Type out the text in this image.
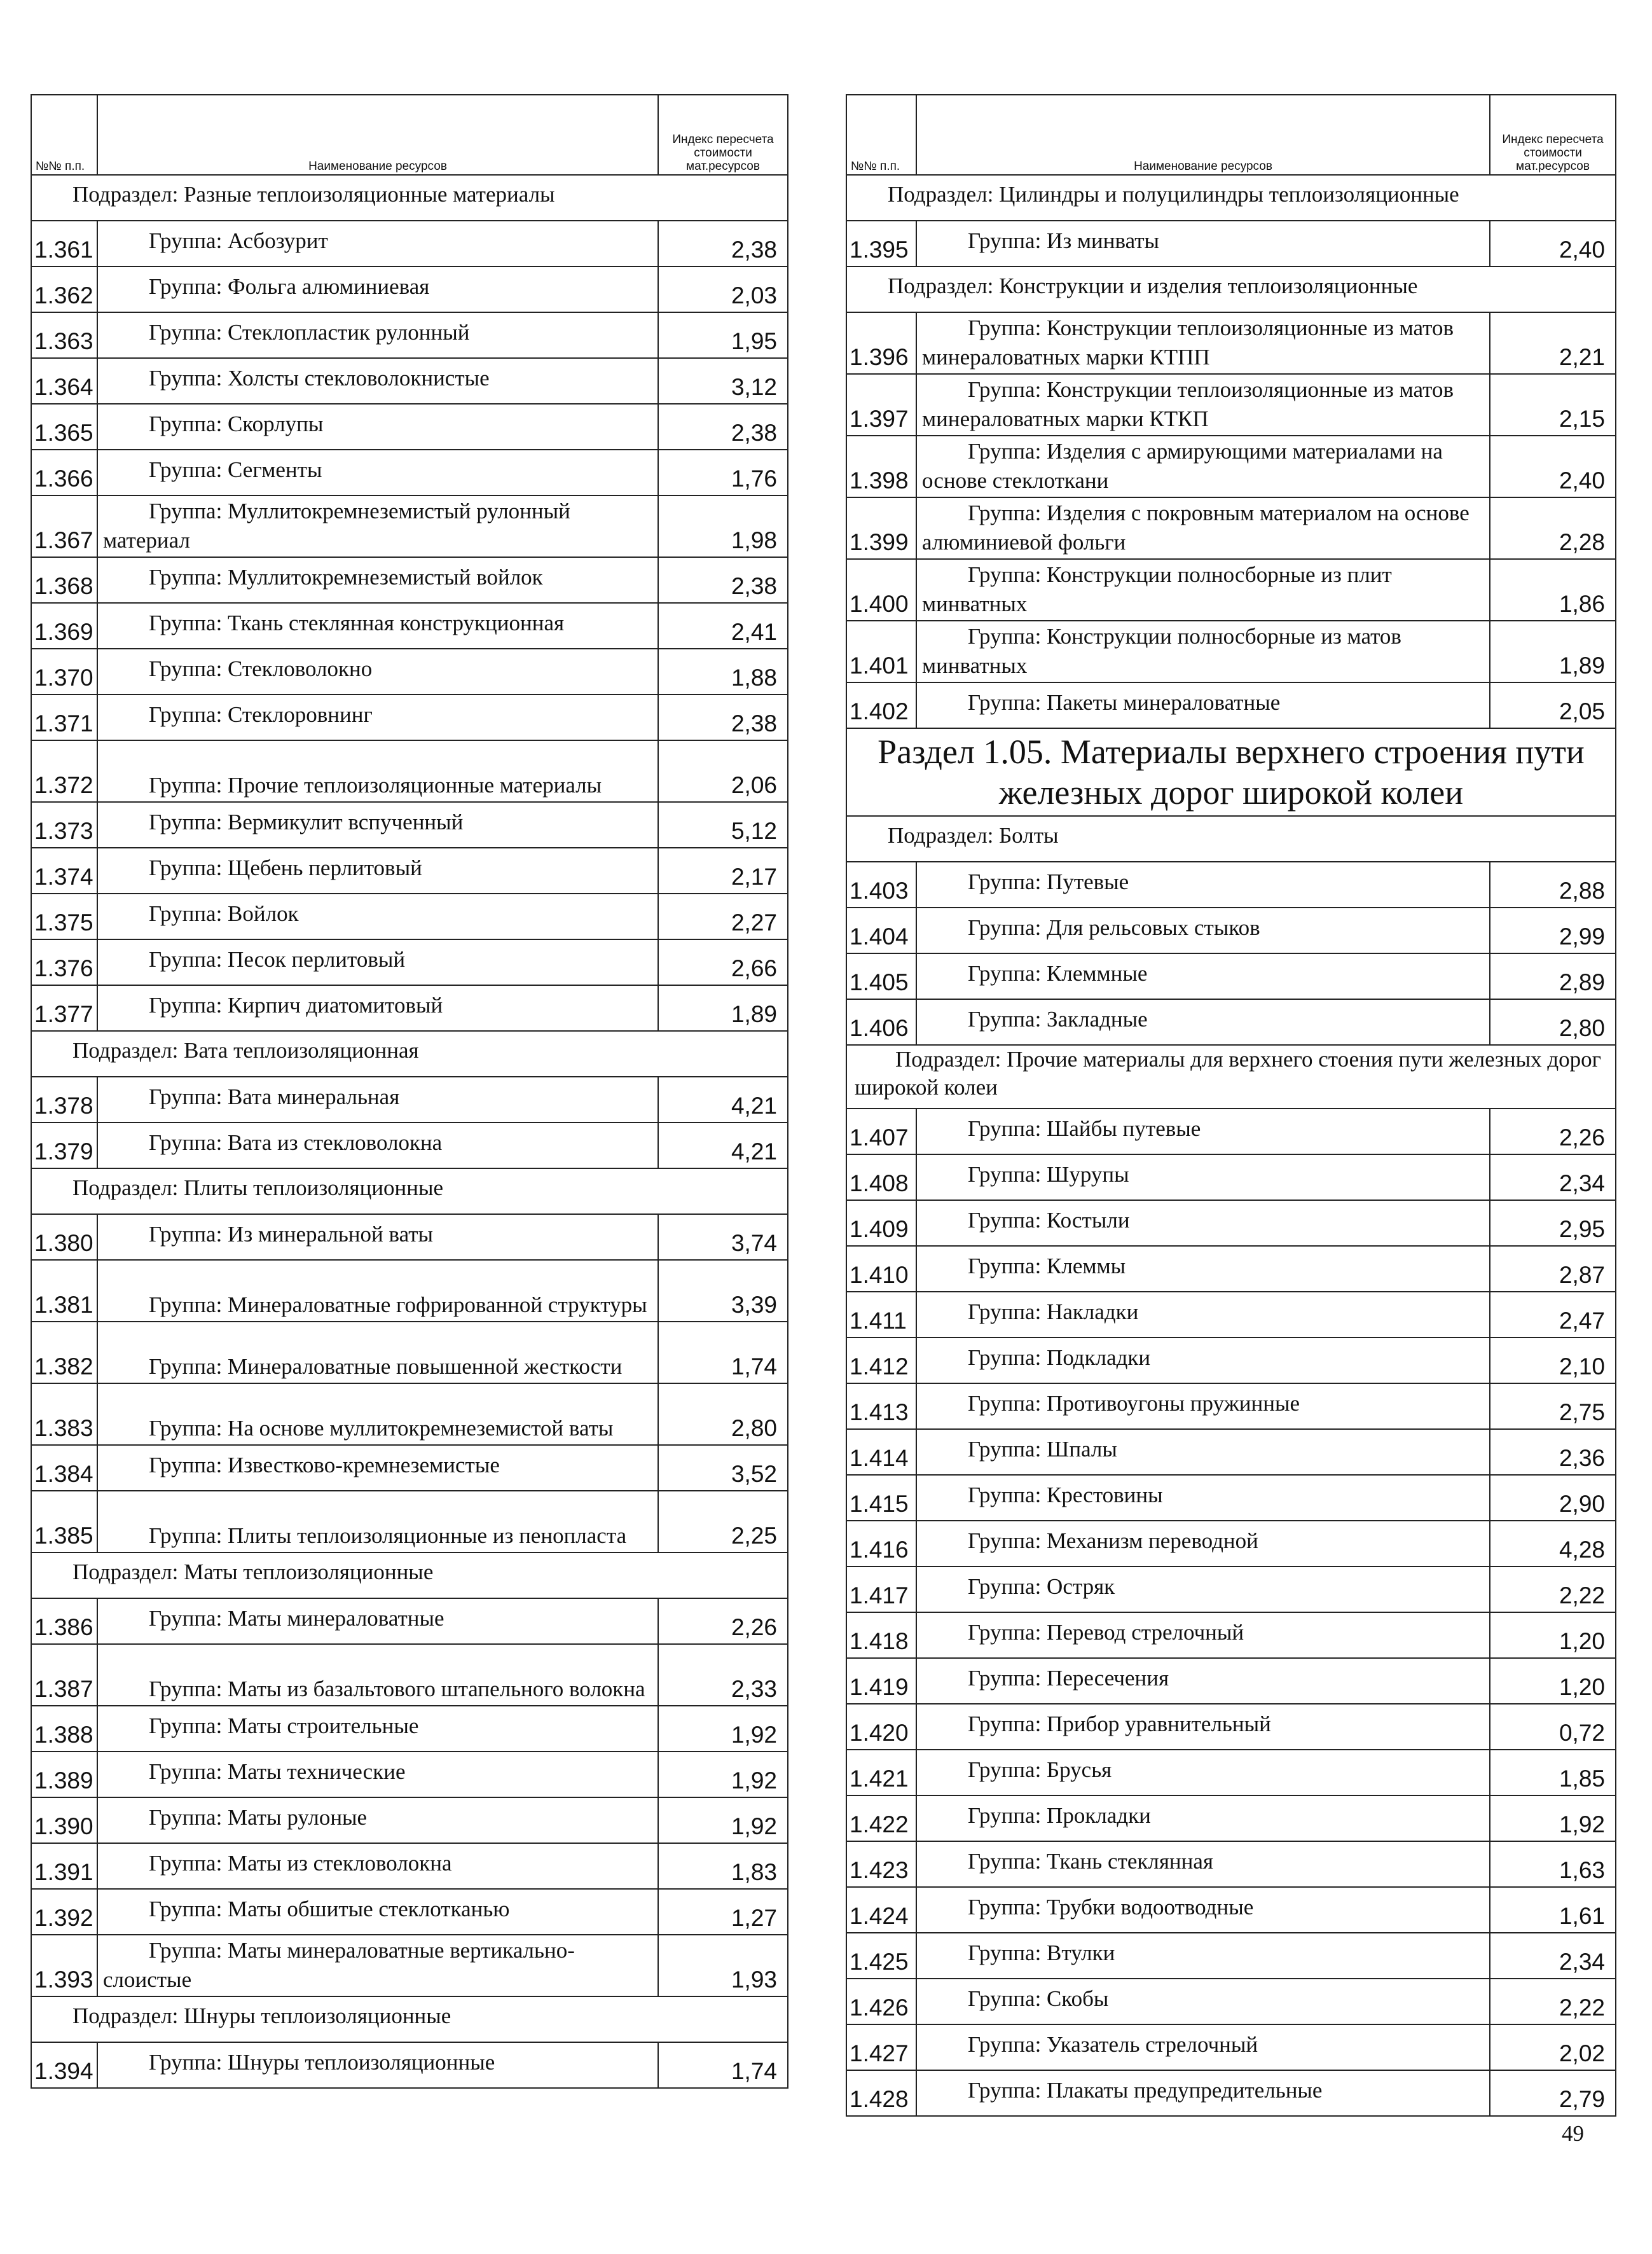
№№ п.п.	Наименование ресурсов	Индекс пересчета стоимости мат.ресурсов
Подраздел: Разные теплоизоляционные материалы		
1.361	Группа: Асбозурит	2,38
1.362	Группа: Фольга алюминиевая	2,03
1.363	Группа: Стеклопластик рулонный	1,95
1.364	Группа: Холсты стекловолокнистые	3,12
1.365	Группа: Скорлупы	2,38
1.366	Группа: Сегменты	1,76
1.367	Группа: Муллитокремнеземистый рулонный материал	1,98
1.368	Группа: Муллитокремнеземистый войлок	2,38
1.369	Группа: Ткань стеклянная конструкционная	2,41
1.370	Группа: Стекловолокно	1,88
1.371	Группа: Стеклоровнинг	2,38
1.372	Группа: Прочие теплоизоляционные материалы	2,06
1.373	Группа: Вермикулит вспученный	5,12
1.374	Группа: Щебень перлитовый	2,17
1.375	Группа: Войлок	2,27
1.376	Группа: Песок перлитовый	2,66
1.377	Группа: Кирпич диатомитовый	1,89
Подраздел: Вата теплоизоляционная		
1.378	Группа: Вата минеральная	4,21
1.379	Группа: Вата из стекловолокна	4,21
Подраздел: Плиты теплоизоляционные		
1.380	Группа: Из минеральной ваты	3,74
1.381	Группа: Минераловатные гофрированной структуры	3,39
1.382	Группа: Минераловатные повышенной жесткости	1,74
1.383	Группа: На основе муллитокремнеземистой ваты	2,80
1.384	Группа: Известково-кремнеземистые	3,52
1.385	Группа: Плиты теплоизоляционные из пенопласта	2,25
Подраздел: Маты теплоизоляционные		
1.386	Группа: Маты минераловатные	2,26
1.387	Группа: Маты из базальтового штапельного волокна	2,33
1.388	Группа: Маты строительные	1,92
1.389	Группа: Маты технические	1,92
1.390	Группа: Маты рулоные	1,92
1.391	Группа: Маты из стекловолокна	1,83
1.392	Группа: Маты обшитые стеклотканью	1,27
1.393	Группа: Маты минераловатные вертикально-слоистые	1,93
Подраздел: Шнуры теплоизоляционные		
1.394	Группа: Шнуры теплоизоляционные	1,74
№№ п.п.	Наименование ресурсов	Индекс пересчета стоимости мат.ресурсов
Подраздел: Цилиндры и полуцилиндры теплоизоляционные		
1.395	Группа: Из минваты	2,40
Подраздел: Конструкции и изделия теплоизоляционные		
1.396	Группа: Конструкции теплоизоляционные из матов минераловатных марки КТПП	2,21
1.397	Группа: Конструкции теплоизоляционные из матов минераловатных марки КТКП	2,15
1.398	Группа: Изделия с армирующими материалами на основе стеклоткани	2,40
1.399	Группа: Изделия с покровным материалом на основе алюминиевой фольги	2,28
1.400	Группа: Конструкции полносборные из плит минватных	1,86
1.401	Группа: Конструкции полносборные из матов минватных	1,89
1.402	Группа: Пакеты минераловатные	2,05
Раздел 1.05. Материалы верхнего строения пути железных дорог широкой колеи		
Подраздел: Болты		
1.403	Группа: Путевые	2,88
1.404	Группа: Для рельсовых стыков	2,99
1.405	Группа: Клеммные	2,89
1.406	Группа: Закладные	2,80
Подраздел: Прочие материалы для верхнего стоения пути железных дорог широкой колеи		
1.407	Группа: Шайбы путевые	2,26
1.408	Группа: Шурупы	2,34
1.409	Группа: Костыли	2,95
1.410	Группа: Клеммы	2,87
1.411	Группа: Накладки	2,47
1.412	Группа: Подкладки	2,10
1.413	Группа: Противоугоны пружинные	2,75
1.414	Группа: Шпалы	2,36
1.415	Группа: Крестовины	2,90
1.416	Группа: Механизм переводной	4,28
1.417	Группа: Остряк	2,22
1.418	Группа: Перевод стрелочный	1,20
1.419	Группа: Пересечения	1,20
1.420	Группа: Прибор уравнительный	0,72
1.421	Группа: Брусья	1,85
1.422	Группа: Прокладки	1,92
1.423	Группа: Ткань стеклянная	1,63
1.424	Группа: Трубки водоотводные	1,61
1.425	Группа: Втулки	2,34
1.426	Группа: Скобы	2,22
1.427	Группа: Указатель стрелочный	2,02
1.428	Группа: Плакаты предупредительные	2,79
49
